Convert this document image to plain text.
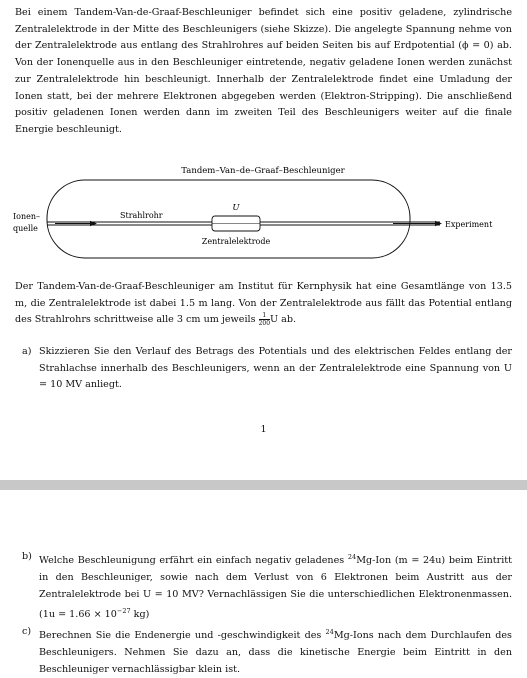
Bei einem Tandem-Van-de-Graaf-Beschleuniger befindet sich eine positiv geladene, zylindrische Zentralelektrode in der Mitte des Beschleunigers (siehe Skizze). Die angelegte Spannung nehme von der Zentralelektrode aus entlang des Strahlrohres auf beiden Seiten bis auf Erdpotential (ϕ = 0) ab. Von der Ionenquelle aus in den Beschleuniger eintretende, negativ geladene Ionen werden zunächst zur Zentralelektrode hin beschleunigt. Innerhalb der Zentralelektrode findet eine Umladung der Ionen statt, bei der mehrere Elektronen abgegeben werden (Elektron-Stripping). Die anschließend positiv geladenen Ionen werden dann im zweiten Teil des Beschleunigers weiter auf die finale Energie beschleunigt.
Tandem–Van–de–Graaf–Beschleuniger
Ionen–
quelle	Experiment
Strahlrohr
U
Zentralelektrode
Der Tandem-Van-de-Graaf-Beschleuniger am Institut für Kernphysik hat eine Gesamtlänge von 13.5 m, die Zentralelektrode ist dabei 1.5 m lang. Von der Zentralelektrode aus fällt das Potential entlang des Strahlrohrs schrittweise alle 3 cm um jeweils $\frac{1}{200}$ U ab.
a) Skizzieren Sie den Verlauf des Betrags des Potentials und des elektrischen Feldes entlang der Strahlachse innerhalb des Beschleunigers, wenn an der Zentralelektrode eine Spannung von U = 10 MV anliegt.
1
b) Welche Beschleunigung erfährt ein einfach negativ geladenes $^{24}$Mg-Ion (m = 24u) beim Eintritt in den Beschleuniger, sowie nach dem Verlust von 6 Elektronen beim Austritt aus der Zentralelektrode bei U = 10 MV? Vernachlässigen Sie die unterschiedlichen Elektronenmassen. ($1u = 1.66 \times 10^{-27}$ kg)
c) Berechnen Sie die Endenergie und -geschwindigkeit des $^{24}$Mg-Ions nach dem Durchlaufen des Beschleunigers. Nehmen Sie dazu an, dass die kinetische Energie beim Eintritt in den Beschleuniger vernachlässigbar klein ist.
